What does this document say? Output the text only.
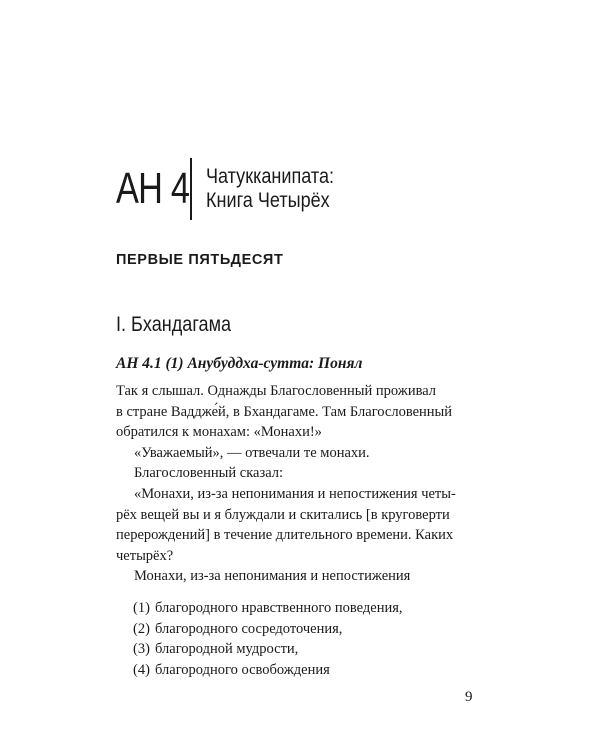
АН 4 Чатукканипата:
Книга Четырёх
ПЕРВЫЕ ПЯТЬДЕСЯТ
I. Бхандагама
АН 4.1 (1) Анубуддха-сутта: Понял
Так я слышал. Однажды Благословенный проживал
в стране Ваддже́й, в Бхандагаме. Там Благословенный
обратился к монахам: «Монахи!»
«Уважаемый», — отвечали те монахи.
Благословенный сказал:
«Монахи, из-за непонимания и непостижения четы-
рёх вещей вы и я блуждали и скитались [в круговерти
перерождений] в течение длительного времени. Каких
четырёх?
Монахи, из-за непонимания и непостижения
(1) благородного нравственного поведения,
(2) благородного сосредоточения,
(3) благородной мудрости,
(4) благородного освобождения
9
